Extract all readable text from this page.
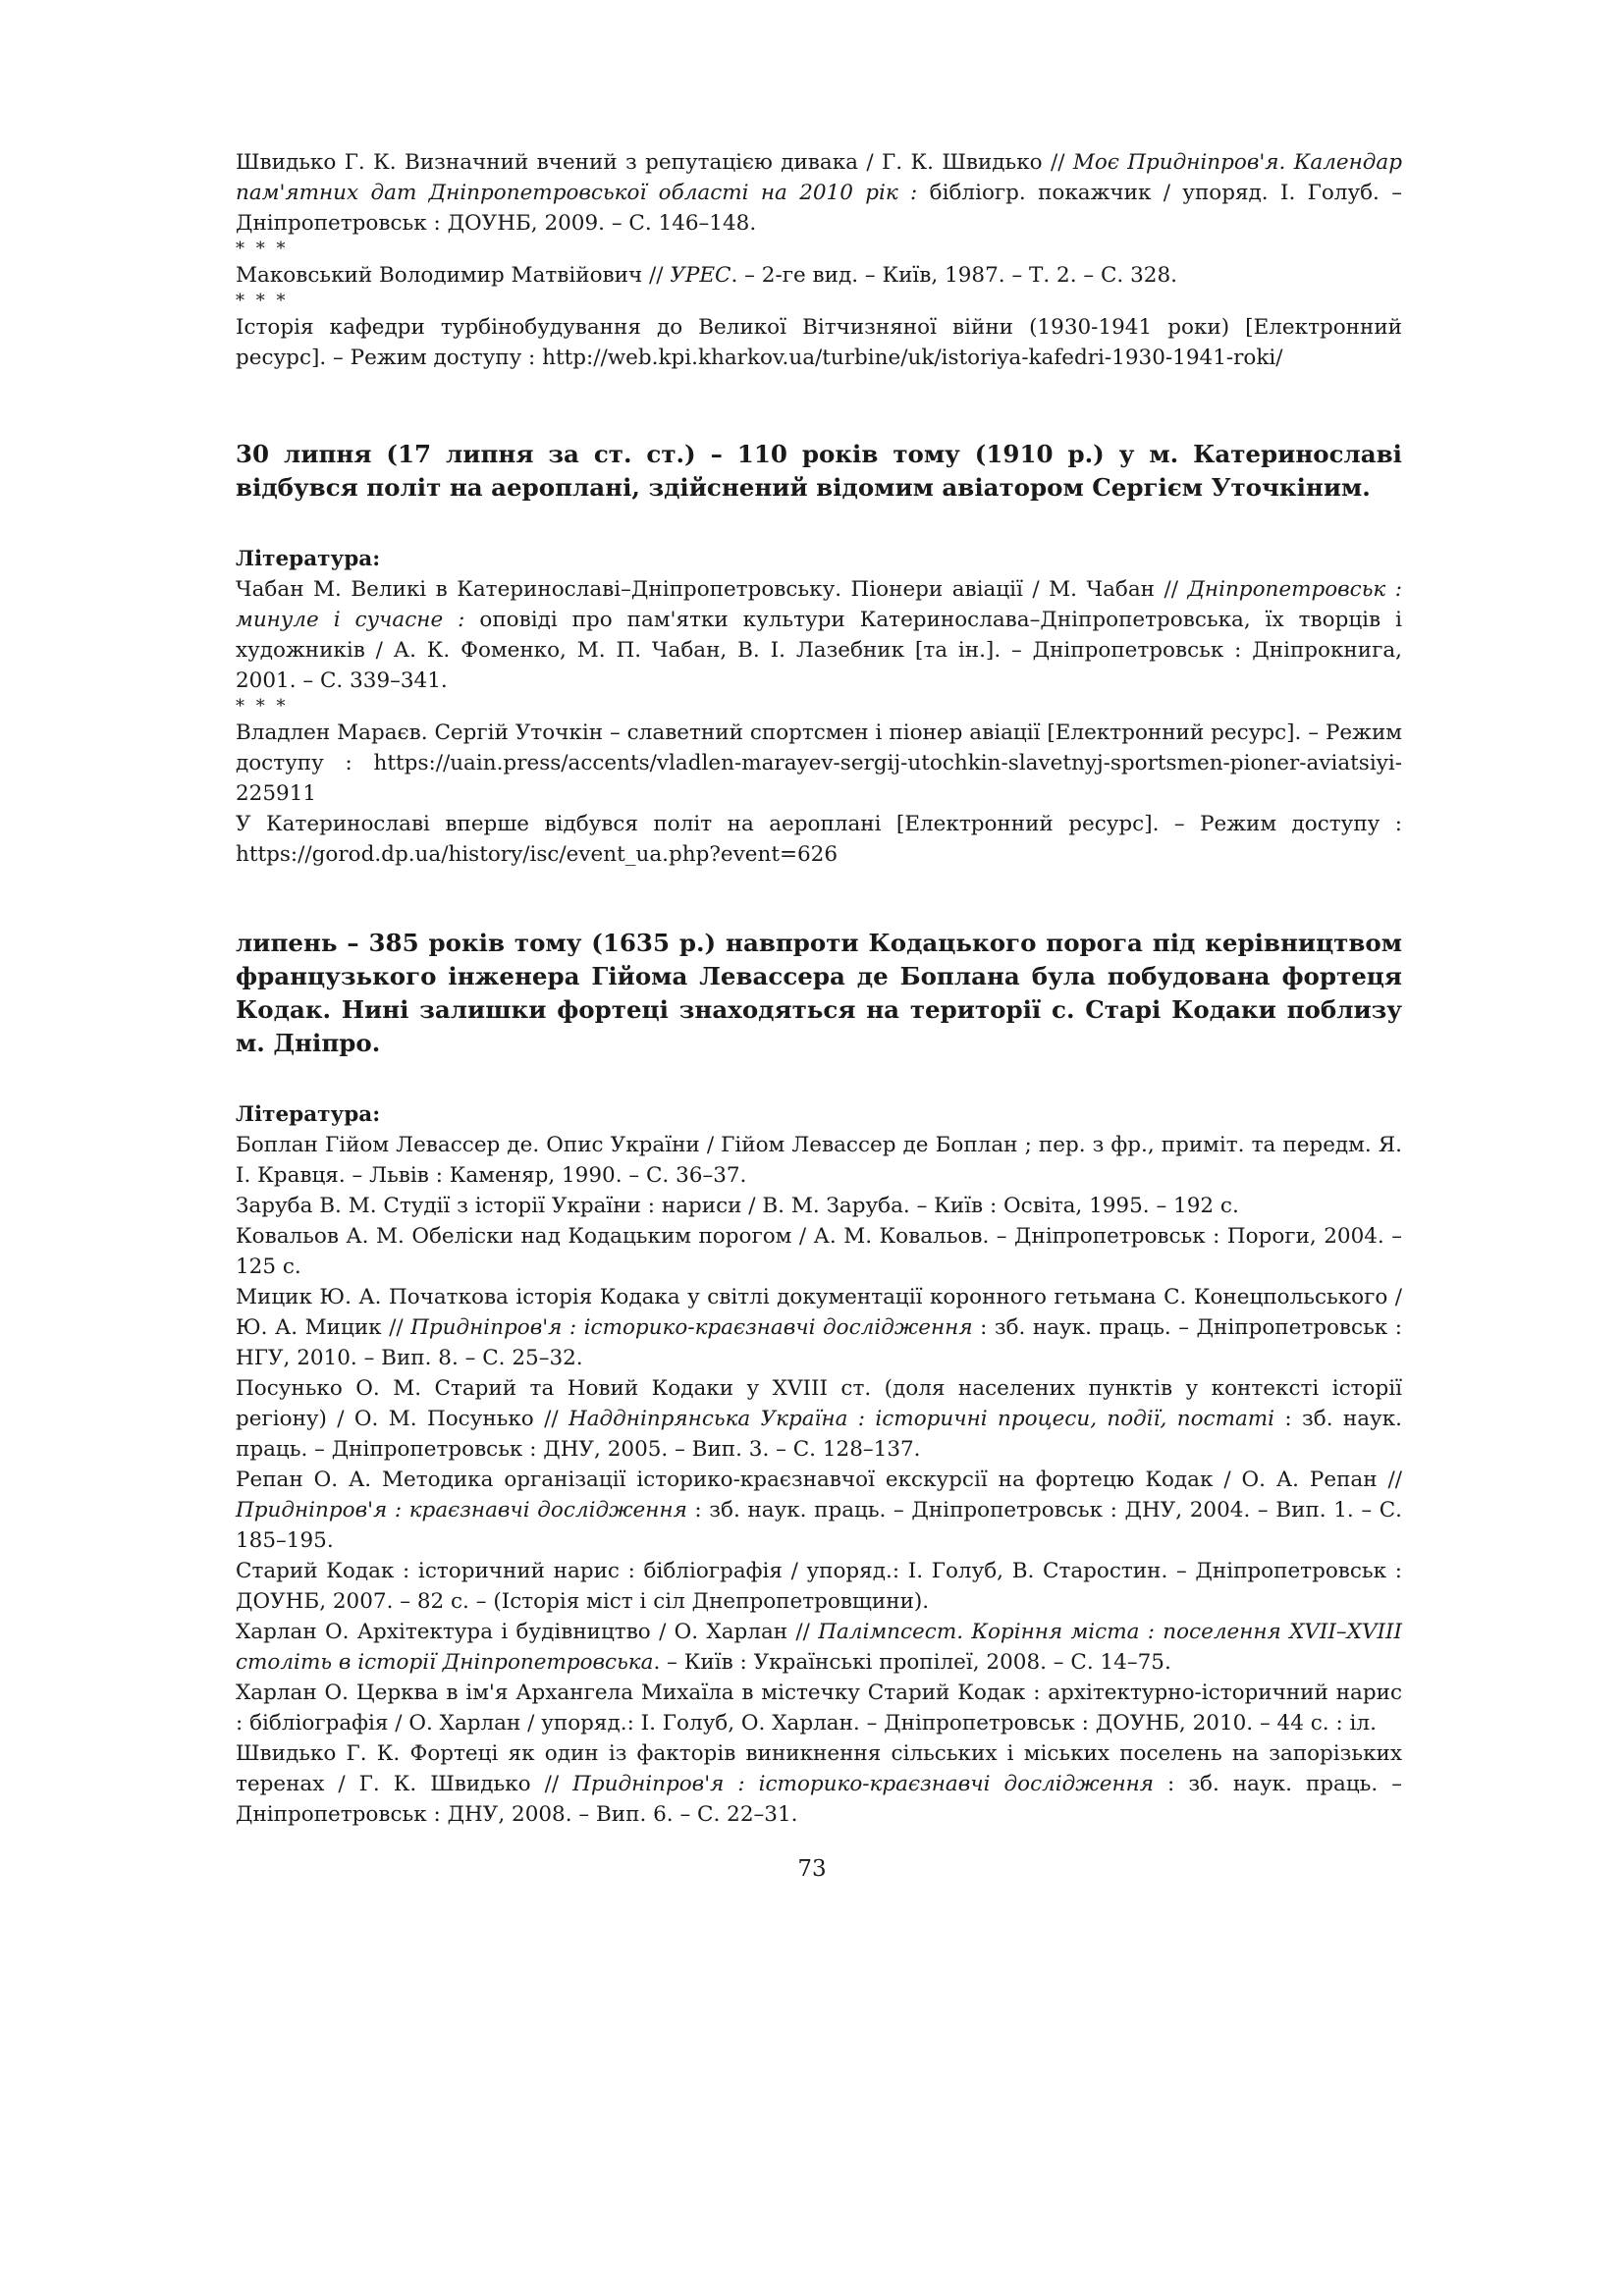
Швидько Г. К. Визначний вчений з репутацією дивака / Г. К. Швидько // Моє Придніпров'я. Календар пам'ятних дат Дніпропетровської області на 2010 рік : бібліогр. покажчик / упоряд. І. Голуб. – Дніпропетровськ : ДОУНБ, 2009. – С. 146–148.

* * *

Маковський Володимир Матвійович // УРЕС. – 2-ге вид. – Київ, 1987. – Т. 2. – С. 328.

* * *

Історія кафедри турбінобудування до Великої Вітчизняної війни (1930-1941 роки) [Електронний ресурс]. – Режим доступу : http://web.kpi.kharkov.ua/turbine/uk/istoriya-kafedri-1930-1941-roki/

30 липня (17 липня за ст. ст.) – 110 років тому (1910 р.) у м. Катеринославі відбувся політ на аероплані, здійснений відомим авіатором Сергієм Уточкіним.

Література:

Чабан М. Великі в Катеринославі–Дніпропетровську. Піонери авіації / М. Чабан // Дніпропетровськ : минуле і сучасне : оповіді про пам'ятки культури Катеринослава–Дніпропетровська, їх творців і художників / А. К. Фоменко, М. П. Чабан, В. І. Лазебник [та ін.]. – Дніпропетровськ : Дніпрокнига, 2001. – С. 339–341.

* * *

Владлен Мараєв. Сергій Уточкін – славетний спортсмен і піонер авіації [Електронний ресурс]. – Режим доступу : https://uain.press/accents/vladlen-marayev-sergij-utochkin-slavetnyj-sportsmen-pioner-aviatsiyi-225911

У Катеринославі вперше відбувся політ на аероплані [Електронний ресурс]. – Режим доступу : https://gorod.dp.ua/history/isc/event_ua.php?event=626

липень – 385 років тому (1635 р.) навпроти Кодацького порога під керівництвом французького інженера Гійома Левассера де Боплана була побудована фортеця Кодак. Нині залишки фортеці знаходяться на території с. Старі Кодаки поблизу м. Дніпро.

Література:

Боплан Гійом Левассер де. Опис України / Гійом Левассер де Боплан ; пер. з фр., приміт. та передм. Я. І. Кравця. – Львів : Каменяр, 1990. – С. 36–37.

Заруба В. М. Студії з історії України : нариси / В. М. Заруба. – Київ : Освіта, 1995. – 192 с.

Ковальов А. М. Обеліски над Кодацьким порогом / А. М. Ковальов. – Дніпропетровськ : Пороги, 2004. – 125 с.

Мицик Ю. А. Початкова історія Кодака у світлі документації коронного гетьмана С. Конецпольського / Ю. А. Мицик // Придніпров'я : історико-краєзнавчі дослідження : зб. наук. праць. – Дніпропетровськ : НГУ, 2010. – Вип. 8. – С. 25–32.

Посунько О. М. Старий та Новий Кодаки у XVIII ст. (доля населених пунктів у контексті історії регіону) / О. М. Посунько // Наддніпрянська Україна : історичні процеси, події, постаті : зб. наук. праць. – Дніпропетровськ : ДНУ, 2005. – Вип. 3. – С. 128–137.

Репан О. А. Методика організації історико-краєзнавчої екскурсії на фортецю Кодак / О. А. Репан // Придніпров'я : краєзнавчі дослідження : зб. наук. праць. – Дніпропетровськ : ДНУ, 2004. – Вип. 1. – С. 185–195.

Старий Кодак : історичний нарис : бібліографія / упоряд.: І. Голуб, В. Старостин. – Дніпропетровськ : ДОУНБ, 2007. – 82 с. – (Історія міст і сіл Днепропетровщини).

Харлан О. Архітектура і будівництво / О. Харлан // Палімпсест. Коріння міста : поселення XVII–XVIII століть в історії Дніпропетровська. – Київ : Українські пропілеї, 2008. – С. 14–75.

Харлан О. Церква в ім'я Архангела Михаїла в містечку Старий Кодак : архітектурно-історичний нарис : бібліографія / О. Харлан / упоряд.: І. Голуб, О. Харлан. – Дніпропетровськ : ДОУНБ, 2010. – 44 с. : іл.

Швидько Г. К. Фортеці як один із факторів виникнення сільських і міських поселень на запорізьких теренах / Г. К. Швидько // Придніпров'я : історико-краєзнавчі дослідження : зб. наук. праць. – Дніпропетровськ : ДНУ, 2008. – Вип. 6. – С. 22–31.

73
